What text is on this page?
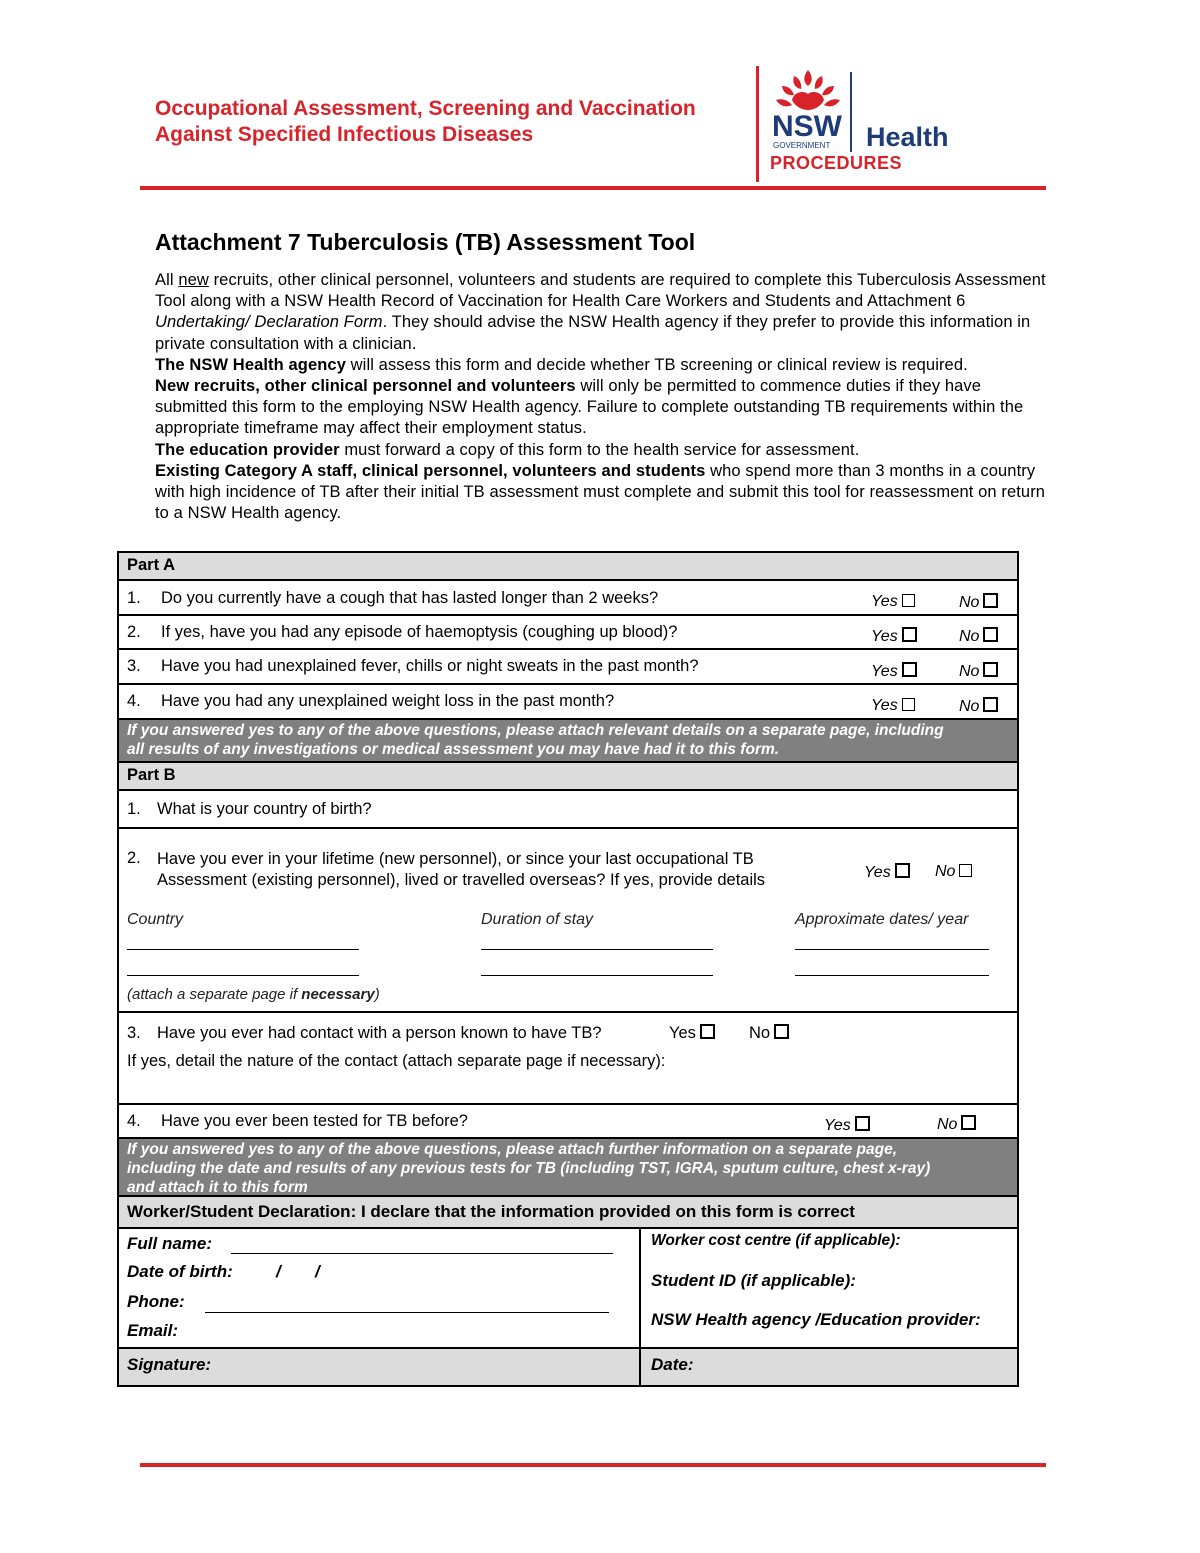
Occupational Assessment, Screening and Vaccination
Against Specified Infectious Diseases	NSW
GOVERNMENT Health
PROCEDURES
Attachment 7 Tuberculosis (TB) Assessment Tool

All new recruits, other clinical personnel, volunteers and students are required to complete this Tuberculosis Assessment Tool along with a NSW Health Record of Vaccination for Health Care Workers and Students and Attachment 6 Undertaking/ Declaration Form. They should advise the NSW Health agency if they prefer to provide this information in private consultation with a clinician.

The NSW Health agency will assess this form and decide whether TB screening or clinical review is required.

New recruits, other clinical personnel and volunteers will only be permitted to commence duties if they have submitted this form to the employing NSW Health agency. Failure to complete outstanding TB requirements within the appropriate timeframe may affect their employment status.

The education provider must forward a copy of this form to the health service for assessment.

Existing Category A staff, clinical personnel, volunteers and students who spend more than 3 months in a country with high incidence of TB after their initial TB assessment must complete and submit this tool for reassessment on return to a NSW Health agency.

Part A
1. Do you currently have a cough that has lasted longer than 2 weeks?	Yes	No
2. If yes, have you had any episode of haemoptysis (coughing up blood)?	Yes	No
3. Have you had unexplained fever, chills or night sweats in the past month?	Yes	No
4. Have you had any unexplained weight loss in the past month?	Yes	No
If you answered yes to any of the above questions, please attach relevant details on a separate page, including
all results of any investigations or medical assessment you may have had it to this form.
Part B
1. What is your country of birth?
2. Have you ever in your lifetime (new personnel), or since your last occupational TB
Assessment (existing personnel), lived or travelled overseas? If yes, provide details	Yes	No
Country	Duration of stay	Approximate dates/ year
(attach a separate page if necessary)
3. Have you ever had contact with a person known to have TB?	Yes	No
If yes, detail the nature of the contact (attach separate page if necessary):
4. Have you ever been tested for TB before?	Yes	No
If you answered yes to any of the above questions, please attach further information on a separate page,
including the date and results of any previous tests for TB (including TST, IGRA, sputum culture, chest x-ray)
and attach it to this form
Worker/Student Declaration: I declare that the information provided on this form is correct
Full name:
Date of birth:	/ /
Phone:
Email:
Worker cost centre (if applicable):
Student ID (if applicable):
NSW Health agency /Education provider:
Signature:	Date:
